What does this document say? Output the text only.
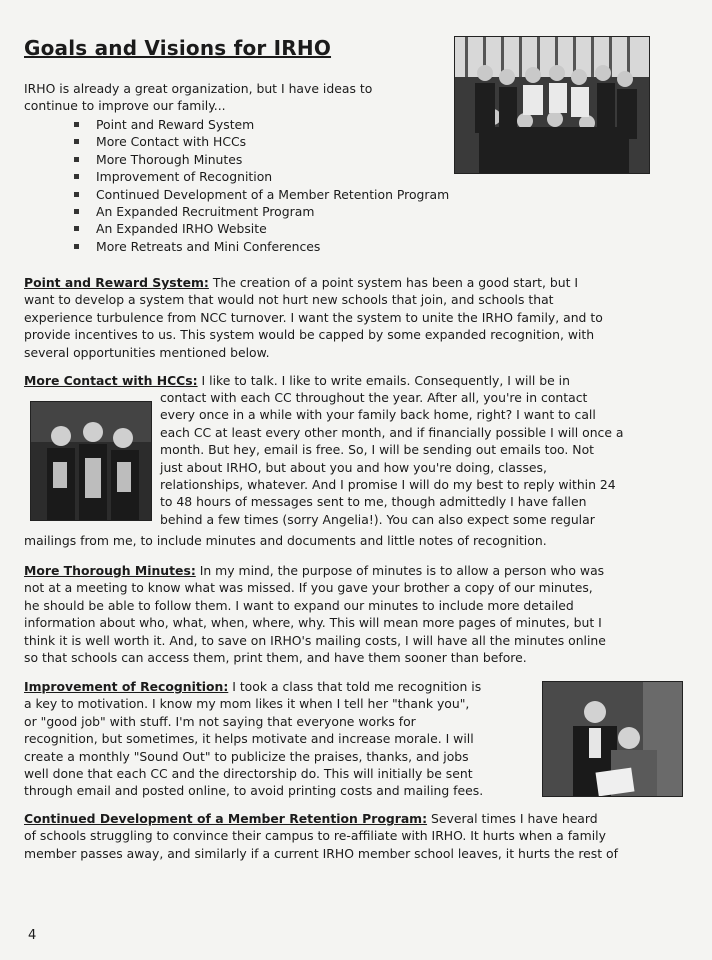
Goals and Visions for IRHO
IRHO is already a great organization, but I have ideas to
continue to improve our family...
Point and Reward System
More Contact with HCCs
More Thorough Minutes
Improvement of Recognition
Continued Development of a Member Retention Program
An Expanded Recruitment Program
An Expanded IRHO Website
More Retreats and Mini Conferences
Point and Reward System: The creation of a point system has been a good start, but I
want to develop a system that would not hurt new schools that join, and schools that
experience turbulence from NCC turnover. I want the system to unite the IRHO family, and to
provide incentives to us. This system would be capped by some expanded recognition, with
several opportunities mentioned below.
More Contact with HCCs: I like to talk. I like to write emails. Consequently, I will be in
contact with each CC throughout the year. After all, you're in contact
every once in a while with your family back home, right? I want to call
each CC at least every other month, and if financially possible I will once a
month. But hey, email is free. So, I will be sending out emails too. Not
just about IRHO, but about you and how you're doing, classes,
relationships, whatever. And I promise I will do my best to reply within 24
to 48 hours of messages sent to me, though admittedly I have fallen
behind a few times (sorry Angelia!). You can also expect some regular
mailings from me, to include minutes and documents and little notes of recognition.
More Thorough Minutes: In my mind, the purpose of minutes is to allow a person who was
not at a meeting to know what was missed. If you gave your brother a copy of our minutes,
he should be able to follow them. I want to expand our minutes to include more detailed
information about who, what, when, where, why. This will mean more pages of minutes, but I
think it is well worth it. And, to save on IRHO's mailing costs, I will have all the minutes online
so that schools can access them, print them, and have them sooner than before.
Improvement of Recognition: I took a class that told me recognition is
a key to motivation. I know my mom likes it when I tell her "thank you",
or "good job" with stuff. I'm not saying that everyone works for
recognition, but sometimes, it helps motivate and increase morale. I will
create a monthly "Sound Out" to publicize the praises, thanks, and jobs
well done that each CC and the directorship do. This will initially be sent
through email and posted online, to avoid printing costs and mailing fees.
Continued Development of a Member Retention Program: Several times I have heard
of schools struggling to convince their campus to re-affiliate with IRHO. It hurts when a family
member passes away, and similarly if a current IRHO member school leaves, it hurts the rest of
4
